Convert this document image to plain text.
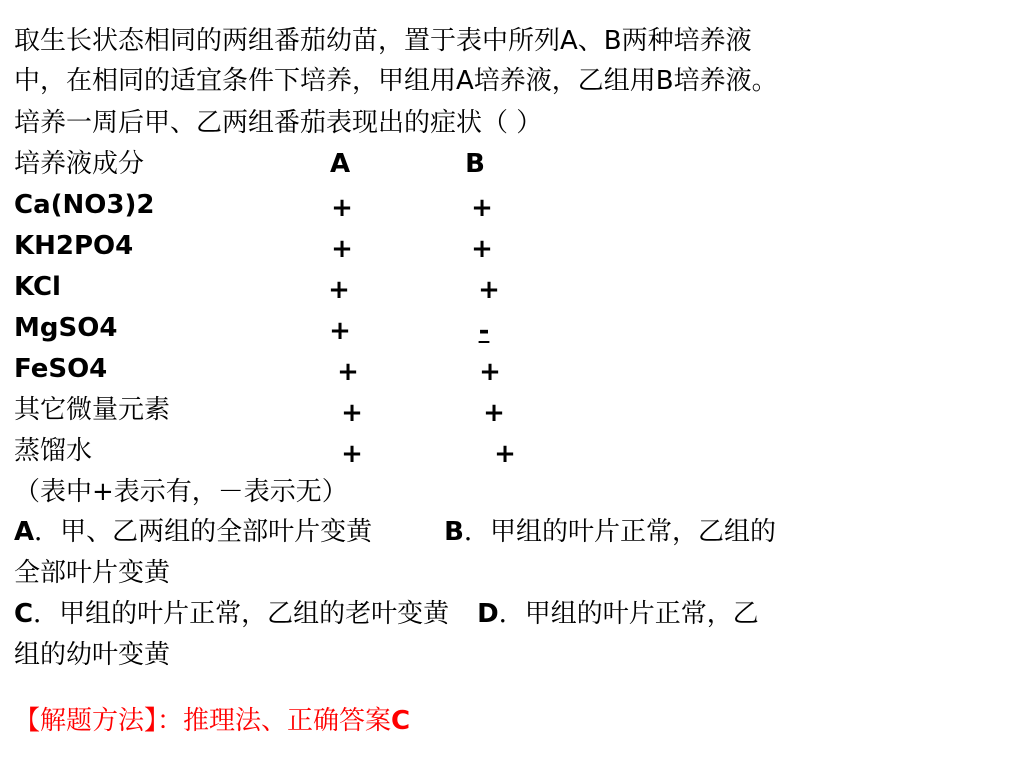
取生长状态相同的两组番茄幼苗，置于表中所列A、B两种培养液
中，在相同的适宜条件下培养，甲组用A培养液，乙组用B培养液。
培养一周后甲、乙两组番茄表现出的症状（ ）
培养液成分	A	B
Ca(NO3)2	+	+
KH2PO4	+	+
KCl	+	+
MgSO4	+	-
FeSO4	+	+
其它微量元素	+	+
蒸馏水	+	+
（表中+表示有，－表示无）
A．甲、乙两组的全部叶片变黄	B．甲组的叶片正常，乙组的
全部叶片变黄
C．甲组的叶片正常，乙组的老叶变黄 D．甲组的叶片正常，乙
组的幼叶变黄
【解题方法】：推理法、正确答案C
